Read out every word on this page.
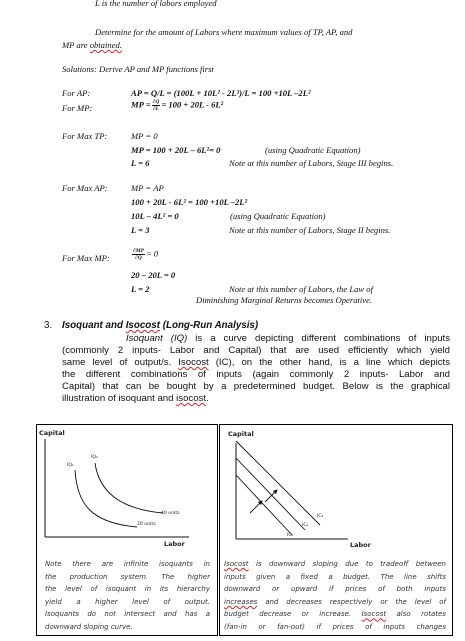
L is the number of labors employed
Determine for the amount of Labors where maximum values of TP, AP, and
MP are obtained.
Solutions: Derive AP and MP functions first
For AP:	AP = Q/L = (100L + 10L² - 2L³)/L = 100 +10L –2L²
For MP:	MP = $\frac{\partial Q}{\partial L} = 100 + 20L - 6L^2$
For Max TP:	MP = 0
MP = 100 + 20L – 6L²= 0	(using Quadratic Equation)
L = 6	Note at this number of Labors, Stage III begins.
For Max AP:	MP = AP
100 + 20L - 6L² = 100 +10L –2L²
10L – 4L² = 0	(using Quadratic Equation)
L = 3	Note at this number of Labors, Stage II begins.
For Max MP:	$\frac{\partial MP}{\partial Q} = 0$
20 – 20L = 0
L = 2	Note at this number of Labors, the Law of
Diminishing Marginal Returns becomes Operative.
3. Isoquant and Isocost (Long-Run Analysis)
Isoquant (IQ) is a curve depicting different combinations of inputs
(commonly 2 inputs- Labor and Capital) that are used efficiently which yield
same level of output/s. Isocost (IC), on the other hand, is a line which depicts
the different combinations of inputs (again commonly 2 inputs- Labor and
Capital) that can be bought by a predetermined budget. Below is the graphical
illustration of isoquant and isocost.
Capital
IQ₁
IQ₂
40 units
20 units
Labor
Note there are infinite isoquants in
the production system. The higher
the level of isoquant in its hierarchy
yield a higher level of output.
Isoquants do not intersect and has a
downward sloping curve.
Capital
IC₁
IC₂
IC₃
Labor
Isocost is downward sloping due to tradeoff between
inputs given a fixed a budget. The line shifts
downward or upward if prices of both inputs
increases and decreases respectively or the level of
budget decrease or increase. Isocost also rotates
(fan-in or fan-out) if prices of inputs changes
